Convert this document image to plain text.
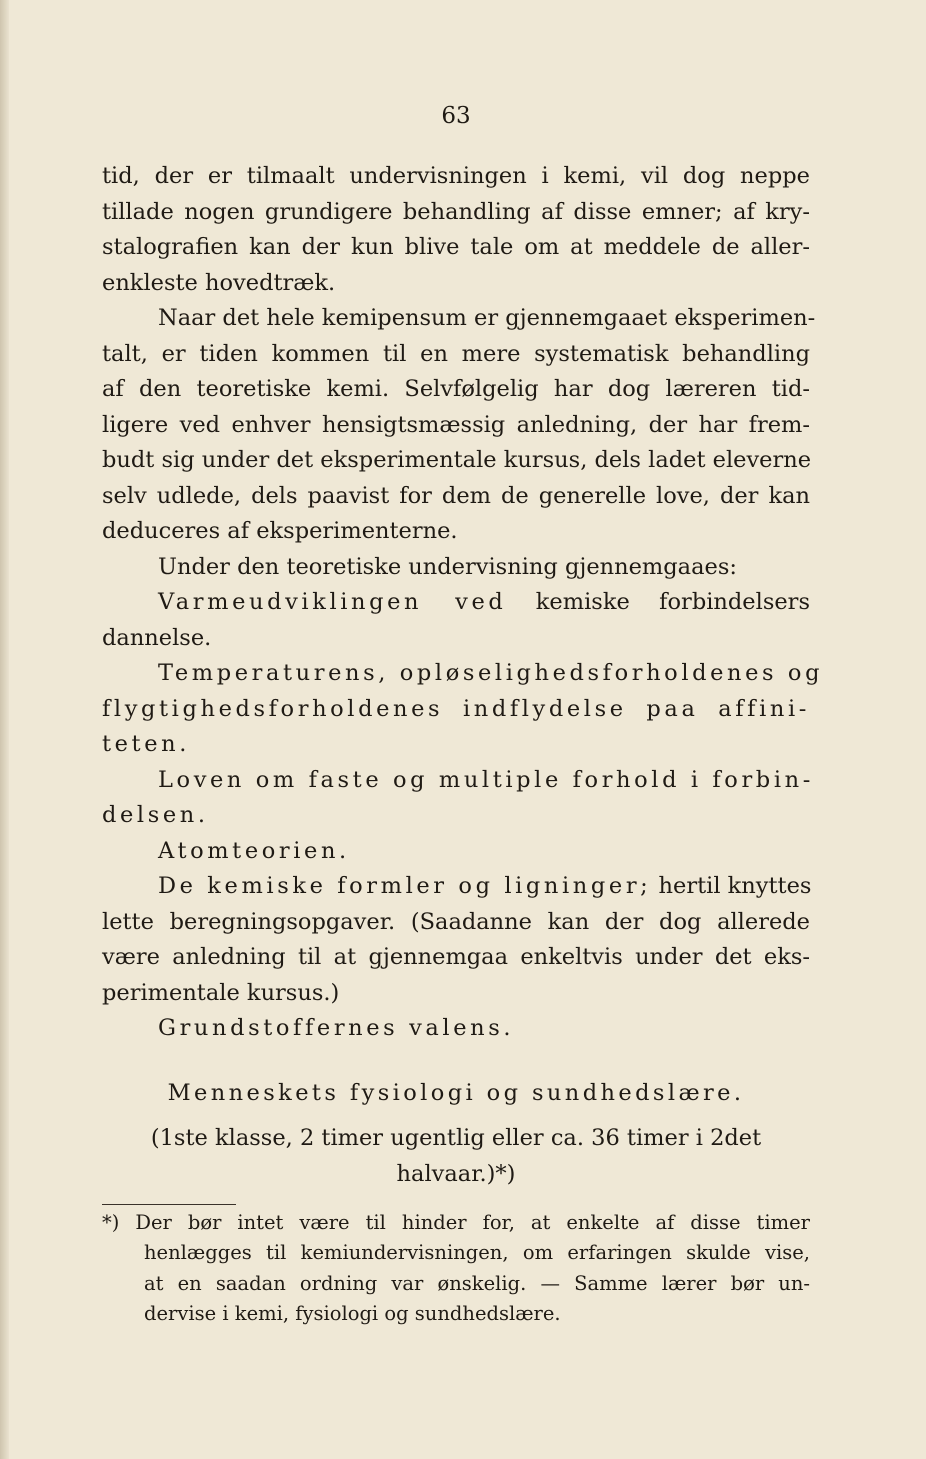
63
tid, der er tilmaalt undervisningen i kemi, vil dog neppe
tillade nogen grundigere behandling af disse emner; af kry-
stalografien kan der kun blive tale om at meddele de aller-
enkleste hovedtræk.
Naar det hele kemipensum er gjennemgaaet eksperimen-
talt, er tiden kommen til en mere systematisk behandling
af den teoretiske kemi. Selvfølgelig har dog læreren tid-
ligere ved enhver hensigtsmæssig anledning, der har frem-
budt sig under det eksperimentale kursus, dels ladet eleverne
selv udlede, dels paavist for dem de generelle love, der kan
deduceres af eksperimenterne.
Under den teoretiske undervisning gjennemgaaes:
Varmeudviklingen ved kemiske forbindelsers
dannelse.
Temperaturens, opløselighedsforholdenes og
flygtighedsforholdenes indflydelse paa affini-
teten.
Loven om faste og multiple forhold i forbin-
delsen.
Atomteorien.
De kemiske formler og ligninger; hertil knyttes
lette beregningsopgaver. (Saadanne kan der dog allerede
være anledning til at gjennemgaa enkeltvis under det eks-
perimentale kursus.)
Grundstoffernes valens.
Menneskets fysiologi og sundhedslære.
(1ste klasse, 2 timer ugentlig eller ca. 36 timer i 2det
halvaar.)*)
*) Der bør intet være til hinder for, at enkelte af disse timer
henlægges til kemiundervisningen, om erfaringen skulde vise,
at en saadan ordning var ønskelig. — Samme lærer bør un-
dervise i kemi, fysiologi og sundhedslære.
